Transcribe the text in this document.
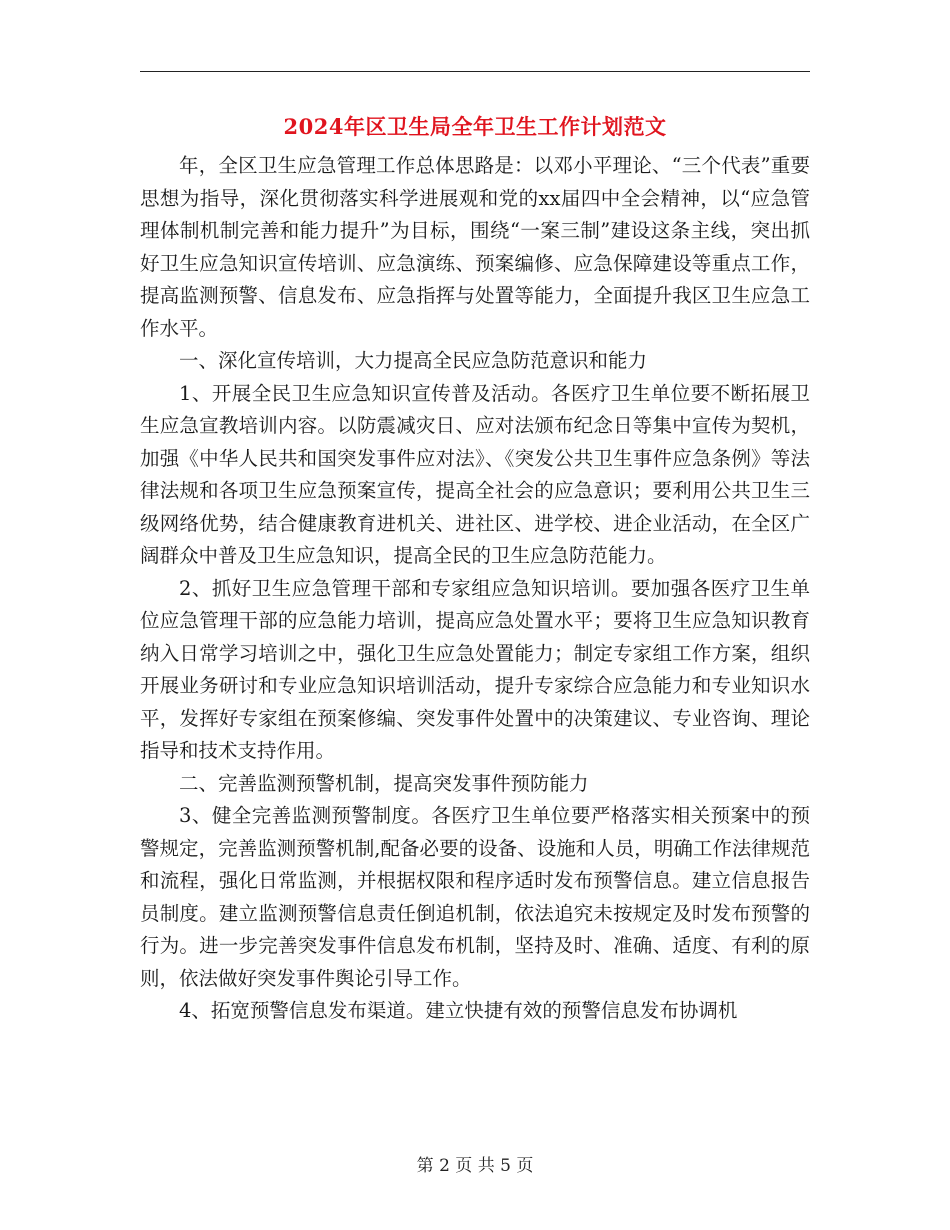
2024年区卫生局全年卫生工作计划范文

年，全区卫生应急管理工作总体思路是：以邓小平理论、“三个代表”重要思想为指导，深化贯彻落实科学进展观和党的xx届四中全会精神，以“应急管理体制机制完善和能力提升”为目标，围绕“一案三制”建设这条主线，突出抓好卫生应急知识宣传培训、应急演练、预案编修、应急保障建设等重点工作，提高监测预警、信息发布、应急指挥与处置等能力，全面提升我区卫生应急工作水平。

一、深化宣传培训，大力提高全民应急防范意识和能力

1、开展全民卫生应急知识宣传普及活动。各医疗卫生单位要不断拓展卫生应急宣教培训内容。以防震减灾日、应对法颁布纪念日等集中宣传为契机，加强《中华人民共和国突发事件应对法》、《突发公共卫生事件应急条例》等法律法规和各项卫生应急预案宣传，提高全社会的应急意识；要利用公共卫生三级网络优势，结合健康教育进机关、进社区、进学校、进企业活动，在全区广阔群众中普及卫生应急知识，提高全民的卫生应急防范能力。

2、抓好卫生应急管理干部和专家组应急知识培训。要加强各医疗卫生单位应急管理干部的应急能力培训，提高应急处置水平；要将卫生应急知识教育纳入日常学习培训之中，强化卫生应急处置能力；制定专家组工作方案，组织开展业务研讨和专业应急知识培训活动，提升专家综合应急能力和专业知识水平，发挥好专家组在预案修编、突发事件处置中的决策建议、专业咨询、理论指导和技术支持作用。

二、完善监测预警机制，提高突发事件预防能力

3、健全完善监测预警制度。各医疗卫生单位要严格落实相关预案中的预警规定，完善监测预警机制,配备必要的设备、设施和人员，明确工作法律规范和流程，强化日常监测，并根据权限和程序适时发布预警信息。建立信息报告员制度。建立监测预警信息责任倒追机制，依法追究未按规定及时发布预警的行为。进一步完善突发事件信息发布机制，坚持及时、准确、适度、有利的原则，依法做好突发事件舆论引导工作。

4、拓宽预警信息发布渠道。建立快捷有效的预警信息发布协调机

第 2 页 共 5 页
